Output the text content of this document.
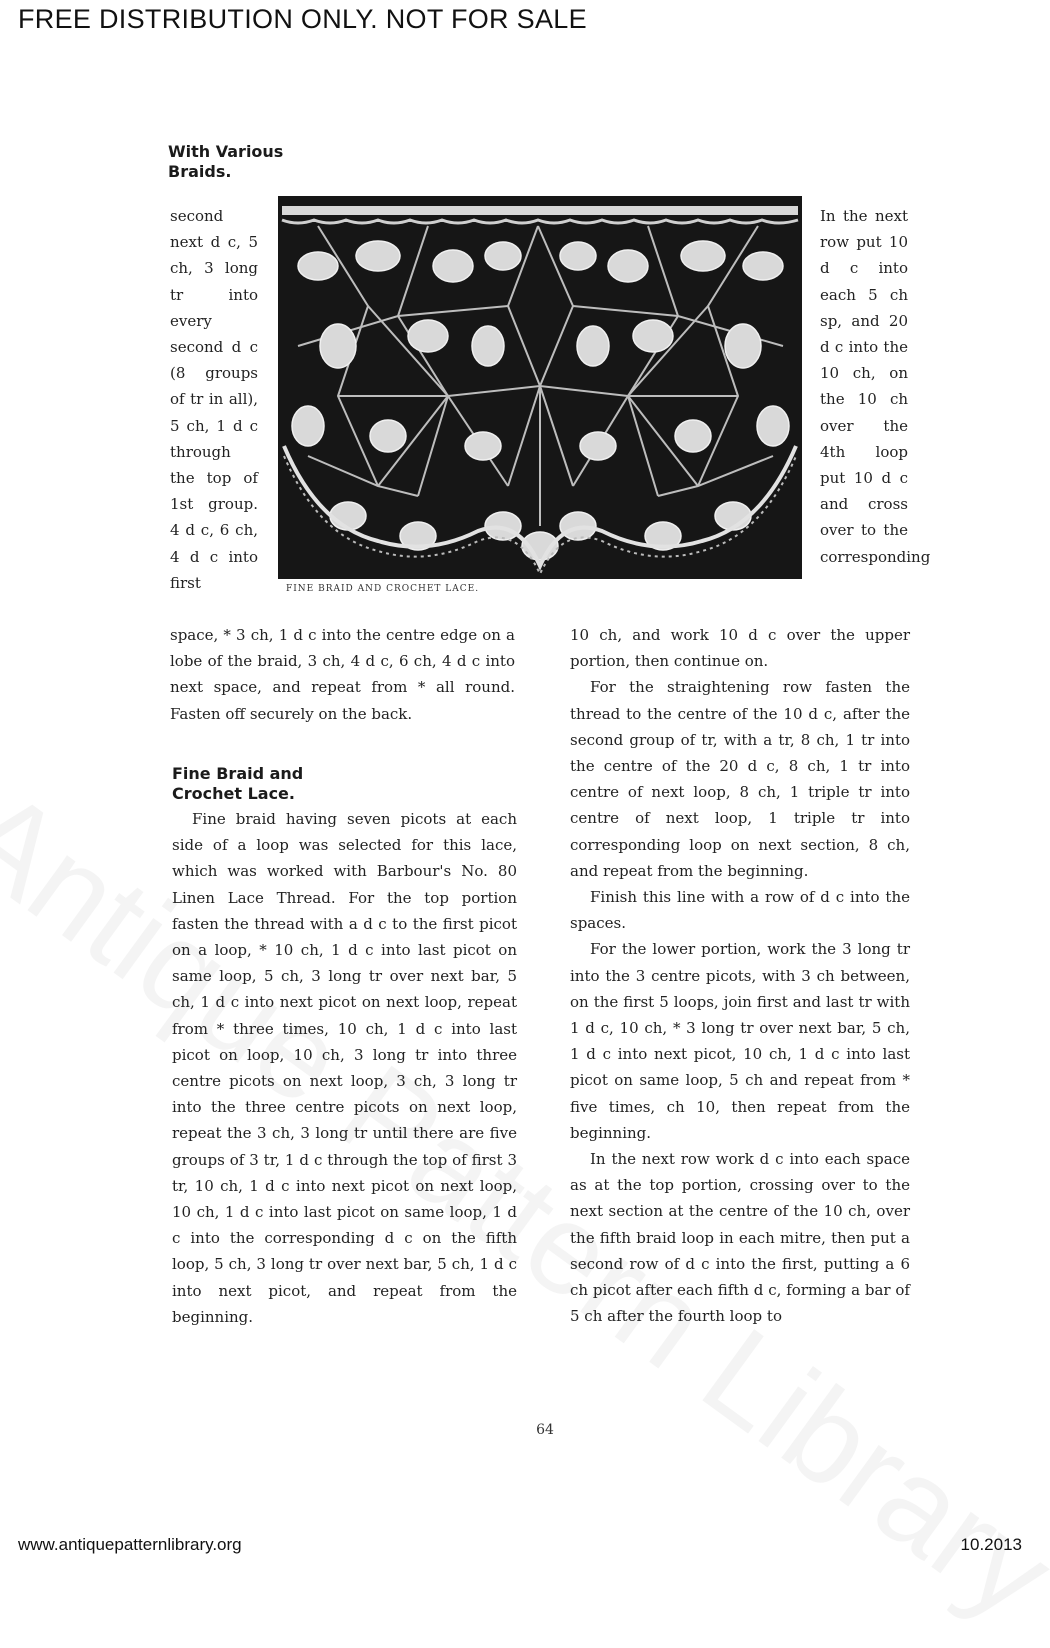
FREE DISTRIBUTION ONLY. NOT FOR SALE
With Various
Braids.
FINE BRAID AND CROCHET LACE.

second next d c, 5 ch, 3 long tr into every second d c (8 groups of tr in all), 5 ch, 1 d c through the top of 1st group. 4 d c, 6 ch, 4 d c into first

space, * 3 ch, 1 d c into the centre edge on a lobe of the braid, 3 ch, 4 d c, 6 ch, 4 d c into next space, and repeat from * all round. Fasten off securely on the back.

Fine Braid and
Crochet Lace.

Fine braid having seven picots at each side of a loop was selected for this lace, which was worked with Barbour's No. 80 Linen Lace Thread. For the top portion fasten the thread with a d c to the first picot on a loop, * 10 ch, 1 d c into last picot on same loop, 5 ch, 3 long tr over next bar, 5 ch, 1 d c into next picot on next loop, repeat from * three times, 10 ch, 1 d c into last picot on loop, 10 ch, 3 long tr into three centre picots on next loop, 3 ch, 3 long tr into the three centre picots on next loop, repeat the 3 ch, 3 long tr until there are five groups of 3 tr, 1 d c through the top of first 3 tr, 10 ch, 1 d c into next picot on next loop, 10 ch, 1 d c into last picot on same loop, 1 d c into the corresponding d c on the fifth loop, 5 ch, 3 long tr over next bar, 5 ch, 1 d c into next picot, and repeat from the beginning.

In the next row put 10 d c into each 5 ch sp, and 20 d c into the 10 ch, on the 10 ch over the 4th loop put 10 d c and cross over to the corresponding

10 ch, and work 10 d c over the upper portion, then continue on.

For the straightening row fasten the thread to the centre of the 10 d c, after the second group of tr, with a tr, 8 ch, 1 tr into the centre of the 20 d c, 8 ch, 1 tr into centre of next loop, 8 ch, 1 triple tr into centre of next loop, 1 triple tr into corresponding loop on next section, 8 ch, and repeat from the beginning.

Finish this line with a row of d c into the spaces.

For the lower portion, work the 3 long tr into the 3 centre picots, with 3 ch between, on the first 5 loops, join first and last tr with 1 d c, 10 ch, * 3 long tr over next bar, 5 ch, 1 d c into next picot, 10 ch, 1 d c into last picot on same loop, 5 ch and repeat from * five times, ch 10, then repeat from the beginning.

In the next row work d c into each space as at the top portion, crossing over to the next section at the centre of the 10 ch, over the fifth braid loop in each mitre, then put a second row of d c into the first, putting a 6 ch picot after each fifth d c, forming a bar of 5 ch after the fourth loop to

64
www.antiquepatternlibrary.org	10.2013
